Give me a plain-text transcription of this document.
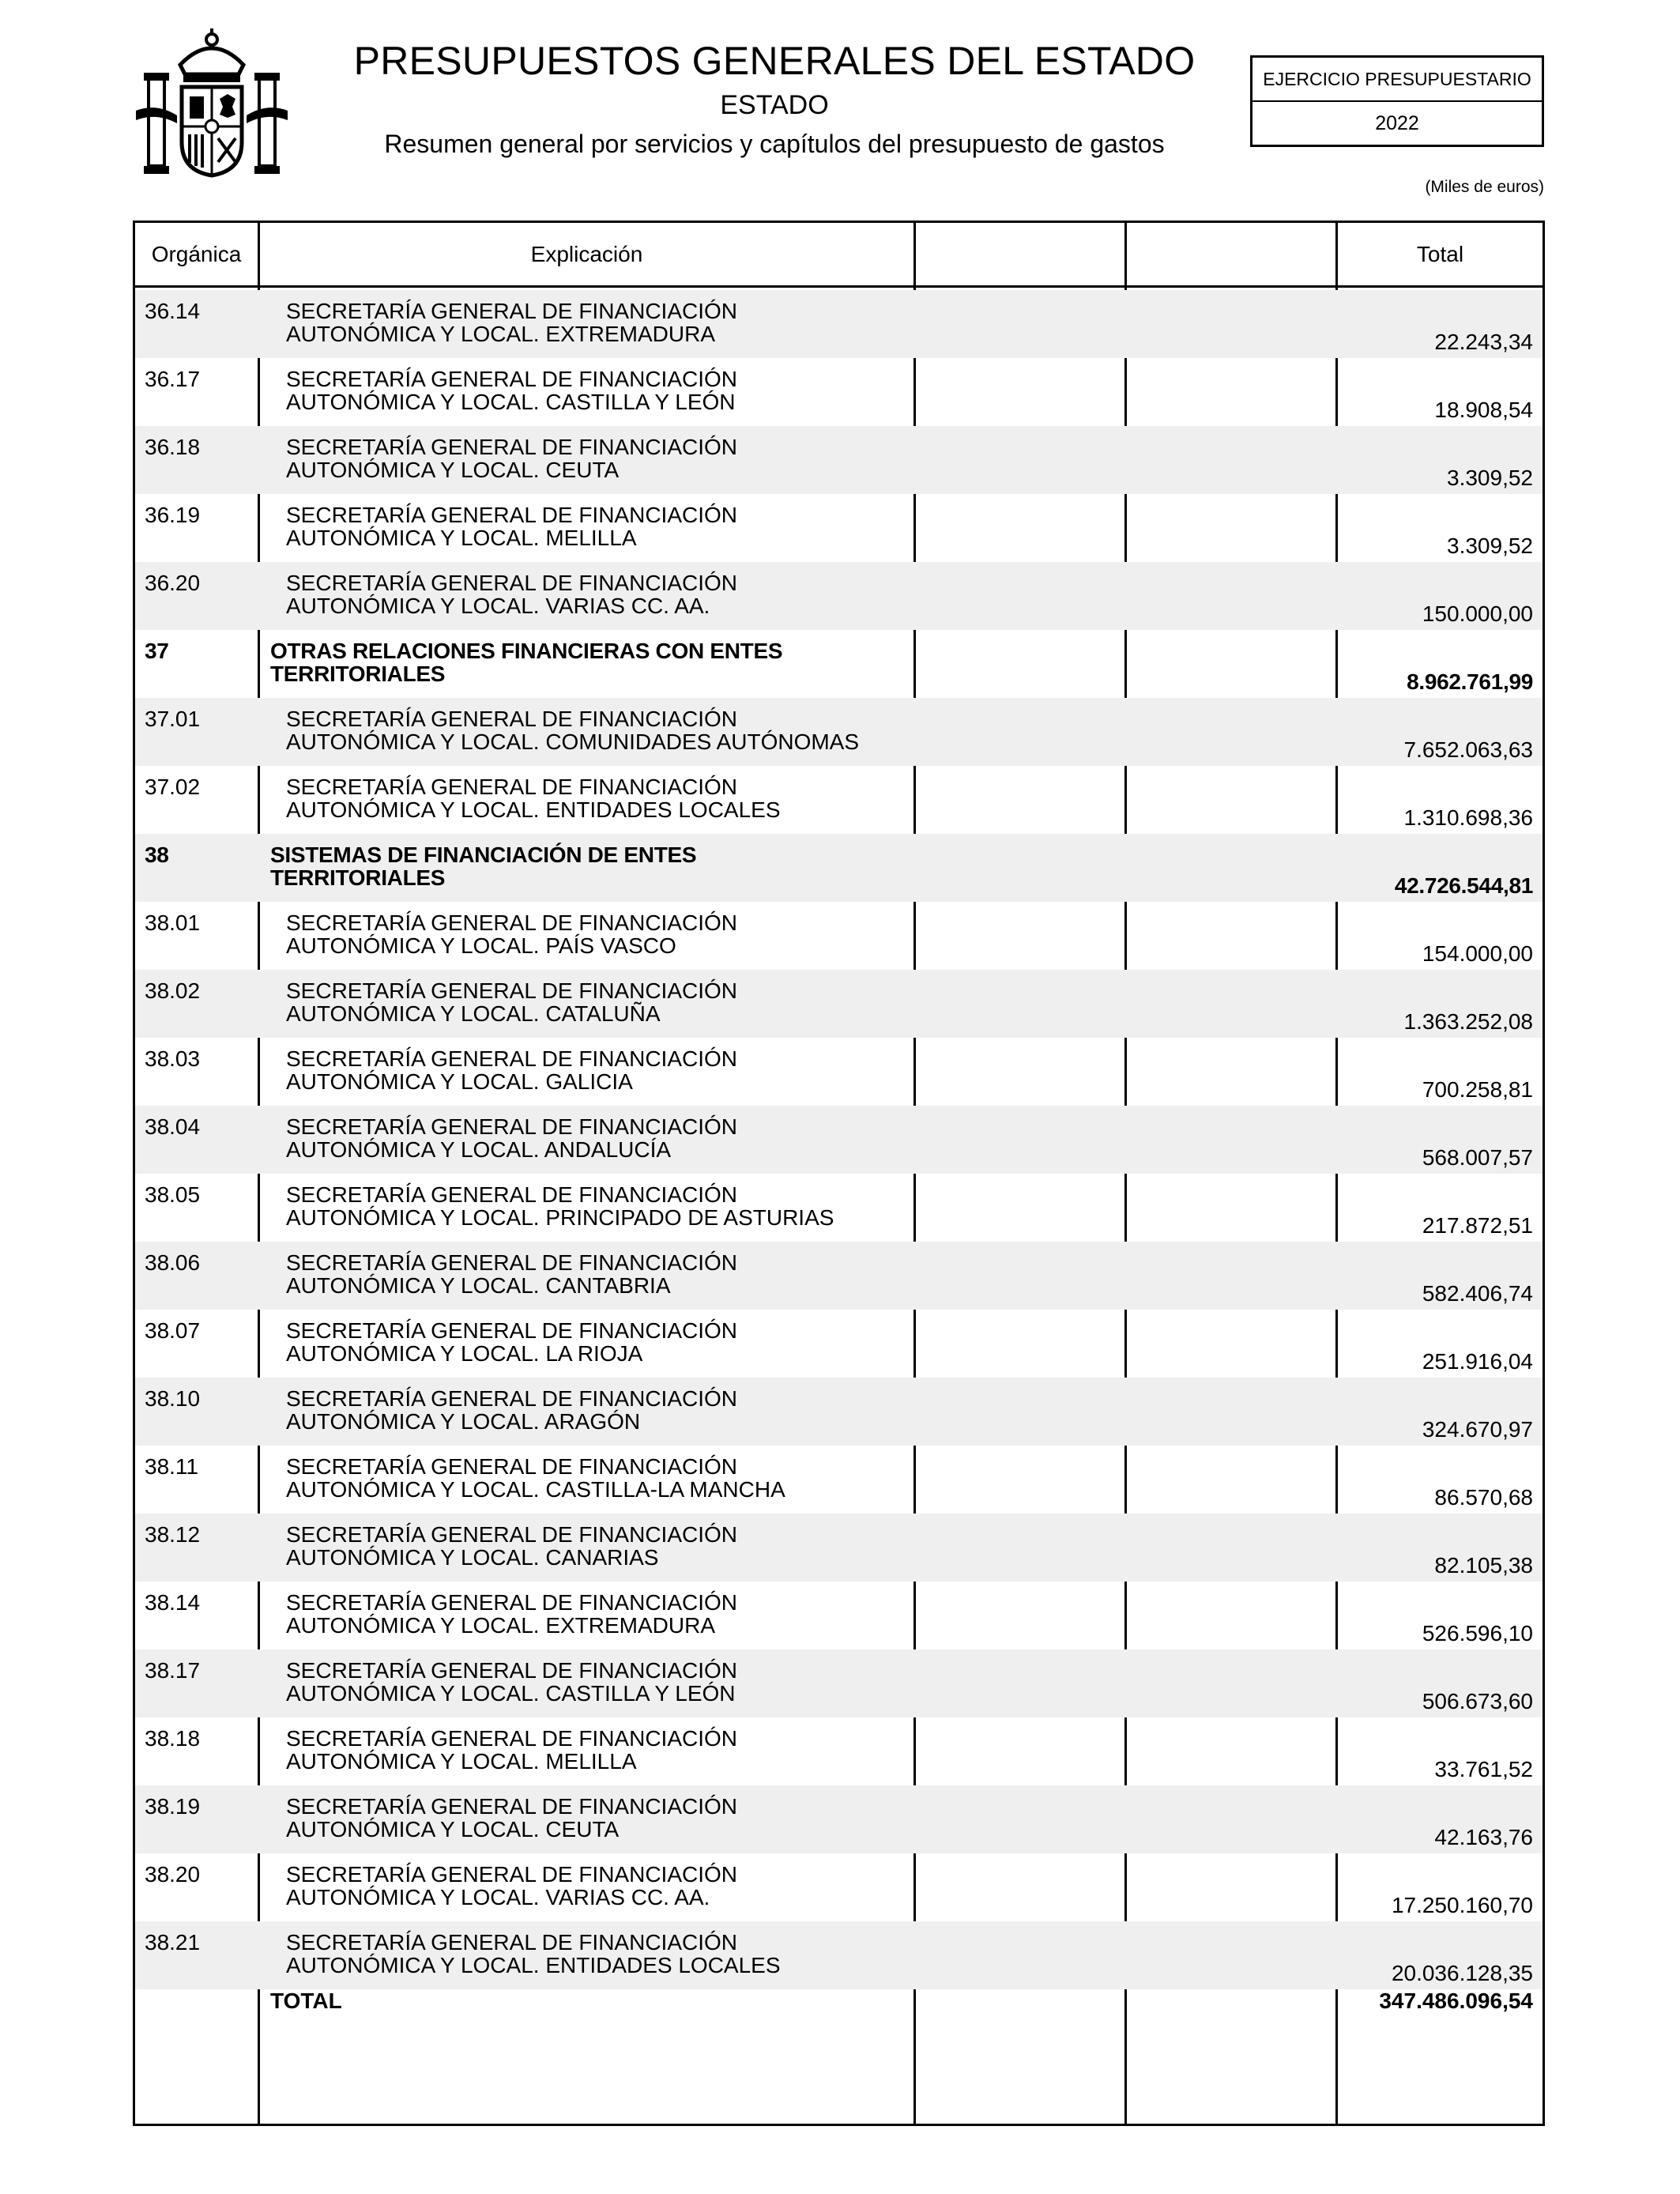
PRESUPUESTOS GENERALES DEL ESTADO
ESTADO
Resumen general por servicios y capítulos del presupuesto de gastos
EJERCICIO PRESUPUESTARIO
2022
(Miles de euros)
Orgánica	Explicación	Total
36.14	SECRETARÍA GENERAL DE FINANCIACIÓN
AUTONÓMICA Y LOCAL. EXTREMADURA	22.243,34
36.17	SECRETARÍA GENERAL DE FINANCIACIÓN
AUTONÓMICA Y LOCAL. CASTILLA Y LEÓN	18.908,54
36.18	SECRETARÍA GENERAL DE FINANCIACIÓN
AUTONÓMICA Y LOCAL. CEUTA	3.309,52
36.19	SECRETARÍA GENERAL DE FINANCIACIÓN
AUTONÓMICA Y LOCAL. MELILLA	3.309,52
36.20	SECRETARÍA GENERAL DE FINANCIACIÓN
AUTONÓMICA Y LOCAL. VARIAS CC. AA.	150.000,00
37	OTRAS RELACIONES FINANCIERAS CON ENTES
TERRITORIALES	8.962.761,99
37.01	SECRETARÍA GENERAL DE FINANCIACIÓN
AUTONÓMICA Y LOCAL. COMUNIDADES AUTÓNOMAS	7.652.063,63
37.02	SECRETARÍA GENERAL DE FINANCIACIÓN
AUTONÓMICA Y LOCAL. ENTIDADES LOCALES	1.310.698,36
38	SISTEMAS DE FINANCIACIÓN DE ENTES
TERRITORIALES	42.726.544,81
38.01	SECRETARÍA GENERAL DE FINANCIACIÓN
AUTONÓMICA Y LOCAL. PAÍS VASCO	154.000,00
38.02	SECRETARÍA GENERAL DE FINANCIACIÓN
AUTONÓMICA Y LOCAL. CATALUÑA	1.363.252,08
38.03	SECRETARÍA GENERAL DE FINANCIACIÓN
AUTONÓMICA Y LOCAL. GALICIA	700.258,81
38.04	SECRETARÍA GENERAL DE FINANCIACIÓN
AUTONÓMICA Y LOCAL. ANDALUCÍA	568.007,57
38.05	SECRETARÍA GENERAL DE FINANCIACIÓN
AUTONÓMICA Y LOCAL. PRINCIPADO DE ASTURIAS	217.872,51
38.06	SECRETARÍA GENERAL DE FINANCIACIÓN
AUTONÓMICA Y LOCAL. CANTABRIA	582.406,74
38.07	SECRETARÍA GENERAL DE FINANCIACIÓN
AUTONÓMICA Y LOCAL. LA RIOJA	251.916,04
38.10	SECRETARÍA GENERAL DE FINANCIACIÓN
AUTONÓMICA Y LOCAL. ARAGÓN	324.670,97
38.11	SECRETARÍA GENERAL DE FINANCIACIÓN
AUTONÓMICA Y LOCAL. CASTILLA-LA MANCHA	86.570,68
38.12	SECRETARÍA GENERAL DE FINANCIACIÓN
AUTONÓMICA Y LOCAL. CANARIAS	82.105,38
38.14	SECRETARÍA GENERAL DE FINANCIACIÓN
AUTONÓMICA Y LOCAL. EXTREMADURA	526.596,10
38.17	SECRETARÍA GENERAL DE FINANCIACIÓN
AUTONÓMICA Y LOCAL. CASTILLA Y LEÓN	506.673,60
38.18	SECRETARÍA GENERAL DE FINANCIACIÓN
AUTONÓMICA Y LOCAL. MELILLA	33.761,52
38.19	SECRETARÍA GENERAL DE FINANCIACIÓN
AUTONÓMICA Y LOCAL. CEUTA	42.163,76
38.20	SECRETARÍA GENERAL DE FINANCIACIÓN
AUTONÓMICA Y LOCAL. VARIAS CC. AA.	17.250.160,70
38.21	SECRETARÍA GENERAL DE FINANCIACIÓN
AUTONÓMICA Y LOCAL. ENTIDADES LOCALES	20.036.128,35
TOTAL	347.486.096,54
